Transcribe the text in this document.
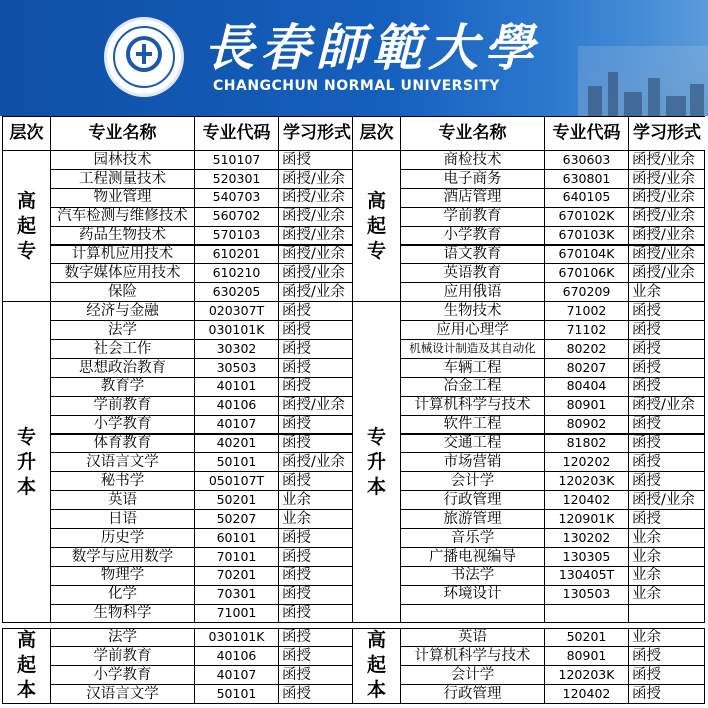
長春師範大學
CHANGCHUN NORMAL UNIVERSITY
层次	专业名称	专业代码 学习形式
高
起
专
园林技术	510107	函授
工程测量技术	520301	函授/业余
物业管理	540703	函授/业余
汽车检测与维修技术	560702	函授/业余
药品生物技术	570103	函授/业余
计算机应用技术	610201	函授/业余
数字媒体应用技术	610210	函授/业余
保险	630205	函授/业余
专
升
本
经济与金融	020307T	函授
法学	030101K	函授
社会工作	30302	函授
思想政治教育	30503	函授
教育学	40101	函授
学前教育	40106	函授/业余
小学教育	40107	函授
体育教育	40201	函授
汉语言文学	50101	函授/业余
秘书学	050107T	函授
英语	50201	业余
日语	50207	业余
历史学	60101	函授
数学与应用数学	70101	函授
物理学	70201	函授
化学	70301	函授
生物科学	71001	函授
高
起
本
法学	030101K	函授
学前教育	40106	函授
小学教育	40107	函授
汉语言文学	50101	函授
层次	专业名称	专业代码 学习形式
高
起
专
商检技术	630603	函授/业余
电子商务	630801	函授/业余
酒店管理	640105	函授/业余
学前教育	670102K	函授/业余
小学教育	670103K	函授/业余
语文教育	670104K	函授/业余
英语教育	670106K	函授/业余
应用俄语	670209	业余
专
升
本
生物技术	71002	函授
应用心理学	71102	函授
机械设计制造及其自动化	80202	函授
车辆工程	80207	函授
冶金工程	80404	函授
计算机科学与技术	80901	函授/业余
软件工程	80902	函授
交通工程	81802	函授
市场营销	120202	函授
会计学	120203K	函授
行政管理	120402	函授/业余
旅游管理	120901K	函授
音乐学	130202	业余
广播电视编导	130305	业余
书法学	130405T	业余
环境设计	130503	业余
高
起
本
英语	50201	业余
计算机科学与技术	80901	函授
会计学	120203K	函授
行政管理	120402	函授
